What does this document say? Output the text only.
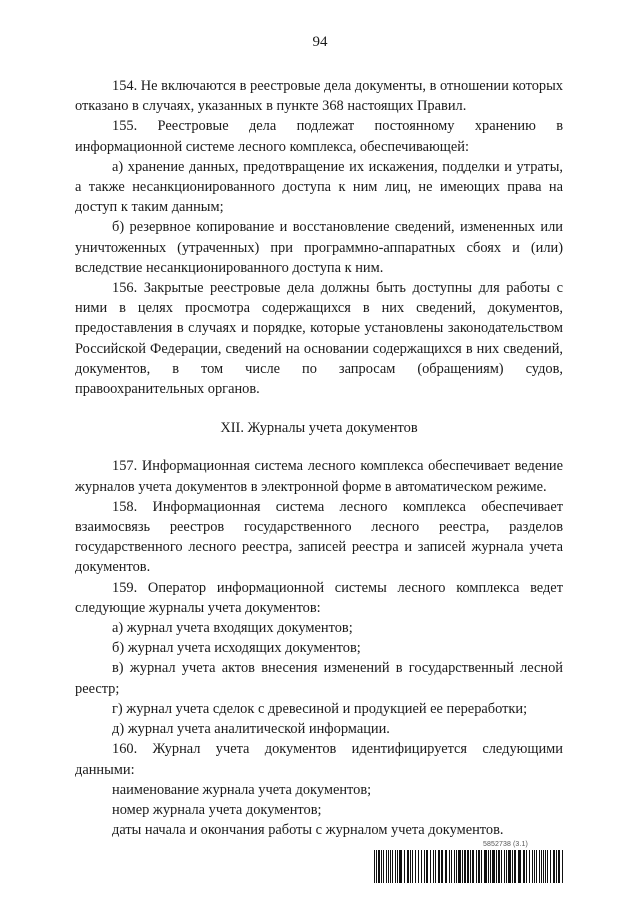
94

154. Не включаются в реестровые дела документы, в отношении которых отказано в случаях, указанных в пункте 368 настоящих Правил.

155. Реестровые дела подлежат постоянному хранению в информационной системе лесного комплекса, обеспечивающей:

а) хранение данных, предотвращение их искажения, подделки и утраты, а также несанкционированного доступа к ним лиц, не имеющих права на доступ к таким данным;

б) резервное копирование и восстановление сведений, измененных или уничтоженных (утраченных) при программно-аппаратных сбоях и (или) вследствие несанкционированного доступа к ним.

156. Закрытые реестровые дела должны быть доступны для работы с ними в целях просмотра содержащихся в них сведений, документов, предоставления в случаях и порядке, которые установлены законодательством Российской Федерации, сведений на основании содержащихся в них сведений, документов, в том числе по запросам (обращениям) судов, правоохранительных органов.

XII. Журналы учета документов

157. Информационная система лесного комплекса обеспечивает ведение журналов учета документов в электронной форме в автоматическом режиме.

158. Информационная система лесного комплекса обеспечивает взаимосвязь реестров государственного лесного реестра, разделов государственного лесного реестра, записей реестра и записей журнала учета документов.

159. Оператор информационной системы лесного комплекса ведет следующие журналы учета документов:

а) журнал учета входящих документов;

б) журнал учета исходящих документов;

в) журнал учета актов внесения изменений в государственный лесной реестр;

г) журнал учета сделок с древесиной и продукцией ее переработки;

д) журнал учета аналитической информации.

160. Журнал учета документов идентифицируется следующими данными:

наименование журнала учета документов;

номер журнала учета документов;

даты начала и окончания работы с журналом учета документов.

5852738 (3.1)
